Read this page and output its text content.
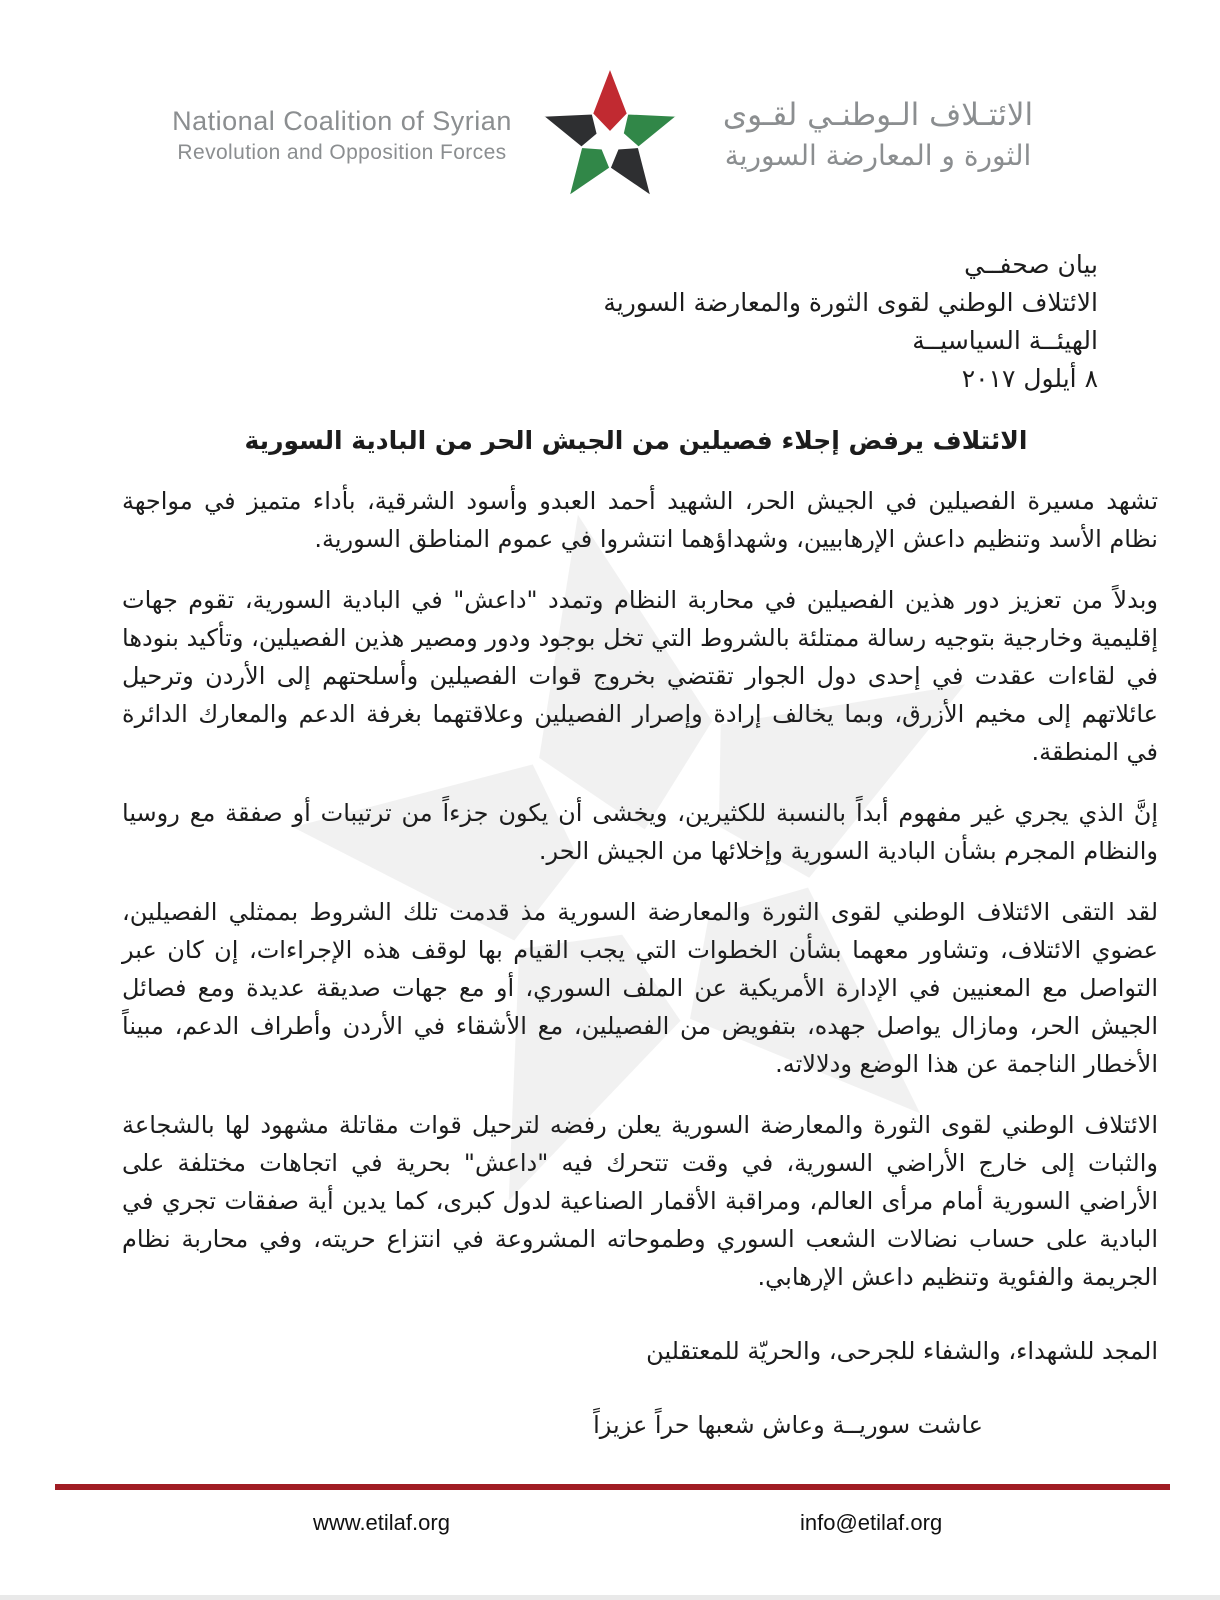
National Coalition of Syrian
Revolution and Opposition Forces
الائتـلاف الـوطنـي لقـوى
الثورة و المعارضة السورية
بيان صحفــي
الائتلاف الوطني لقوى الثورة والمعارضة السورية
الهيئــة السياسيــة
٨ أيلول ٢٠١٧
الائتلاف يرفض إجلاء فصيلين من الجيش الحر من البادية السورية

تشهد مسيرة الفصيلين في الجيش الحر، الشهيد أحمد العبدو وأسود الشرقية، بأداء متميز في مواجهة نظام الأسد وتنظيم داعش الإرهابيين، وشهداؤهما انتشروا في عموم المناطق السورية.

وبدلاً من تعزيز دور هذين الفصيلين في محاربة النظام وتمدد "داعش" في البادية السورية، تقوم جهات إقليمية وخارجية بتوجيه رسالة ممتلئة بالشروط التي تخل بوجود ودور ومصير هذين الفصيلين، وتأكيد بنودها في لقاءات عقدت في إحدى دول الجوار تقتضي بخروج قوات الفصيلين وأسلحتهم إلى الأردن وترحيل عائلاتهم إلى مخيم الأزرق، وبما يخالف إرادة وإصرار الفصيلين وعلاقتهما بغرفة الدعم والمعارك الدائرة في المنطقة.

إنَّ الذي يجري غير مفهوم أبداً بالنسبة للكثيرين، ويخشى أن يكون جزءاً من ترتيبات أو صفقة مع روسيا والنظام المجرم بشأن البادية السورية وإخلائها من الجيش الحر.

لقد التقى الائتلاف الوطني لقوى الثورة والمعارضة السورية مذ قدمت تلك الشروط بممثلي الفصيلين، عضوي الائتلاف، وتشاور معهما بشأن الخطوات التي يجب القيام بها لوقف هذه الإجراءات، إن كان عبر التواصل مع المعنيين في الإدارة الأمريكية عن الملف السوري، أو مع جهات صديقة عديدة ومع فصائل الجيش الحر، ومازال يواصل جهده، بتفويض من الفصيلين، مع الأشقاء في الأردن وأطراف الدعم، مبيناً الأخطار الناجمة عن هذا الوضع ودلالاته.

الائتلاف الوطني لقوى الثورة والمعارضة السورية يعلن رفضه لترحيل قوات مقاتلة مشهود لها بالشجاعة والثبات إلى خارج الأراضي السورية، في وقت تتحرك فيه "داعش" بحرية في اتجاهات مختلفة على الأراضي السورية أمام مرأى العالم، ومراقبة الأقمار الصناعية لدول كبرى، كما يدين أية صفقات تجري في البادية على حساب نضالات الشعب السوري وطموحاته المشروعة في انتزاع حريته، وفي محاربة نظام الجريمة والفئوية وتنظيم داعش الإرهابي.

المجد للشهداء، والشفاء للجرحى، والحريّة للمعتقلين

عاشت سوريــة وعاش شعبها حراً عزيزاً

www.etilaf.org	info@etilaf.org
